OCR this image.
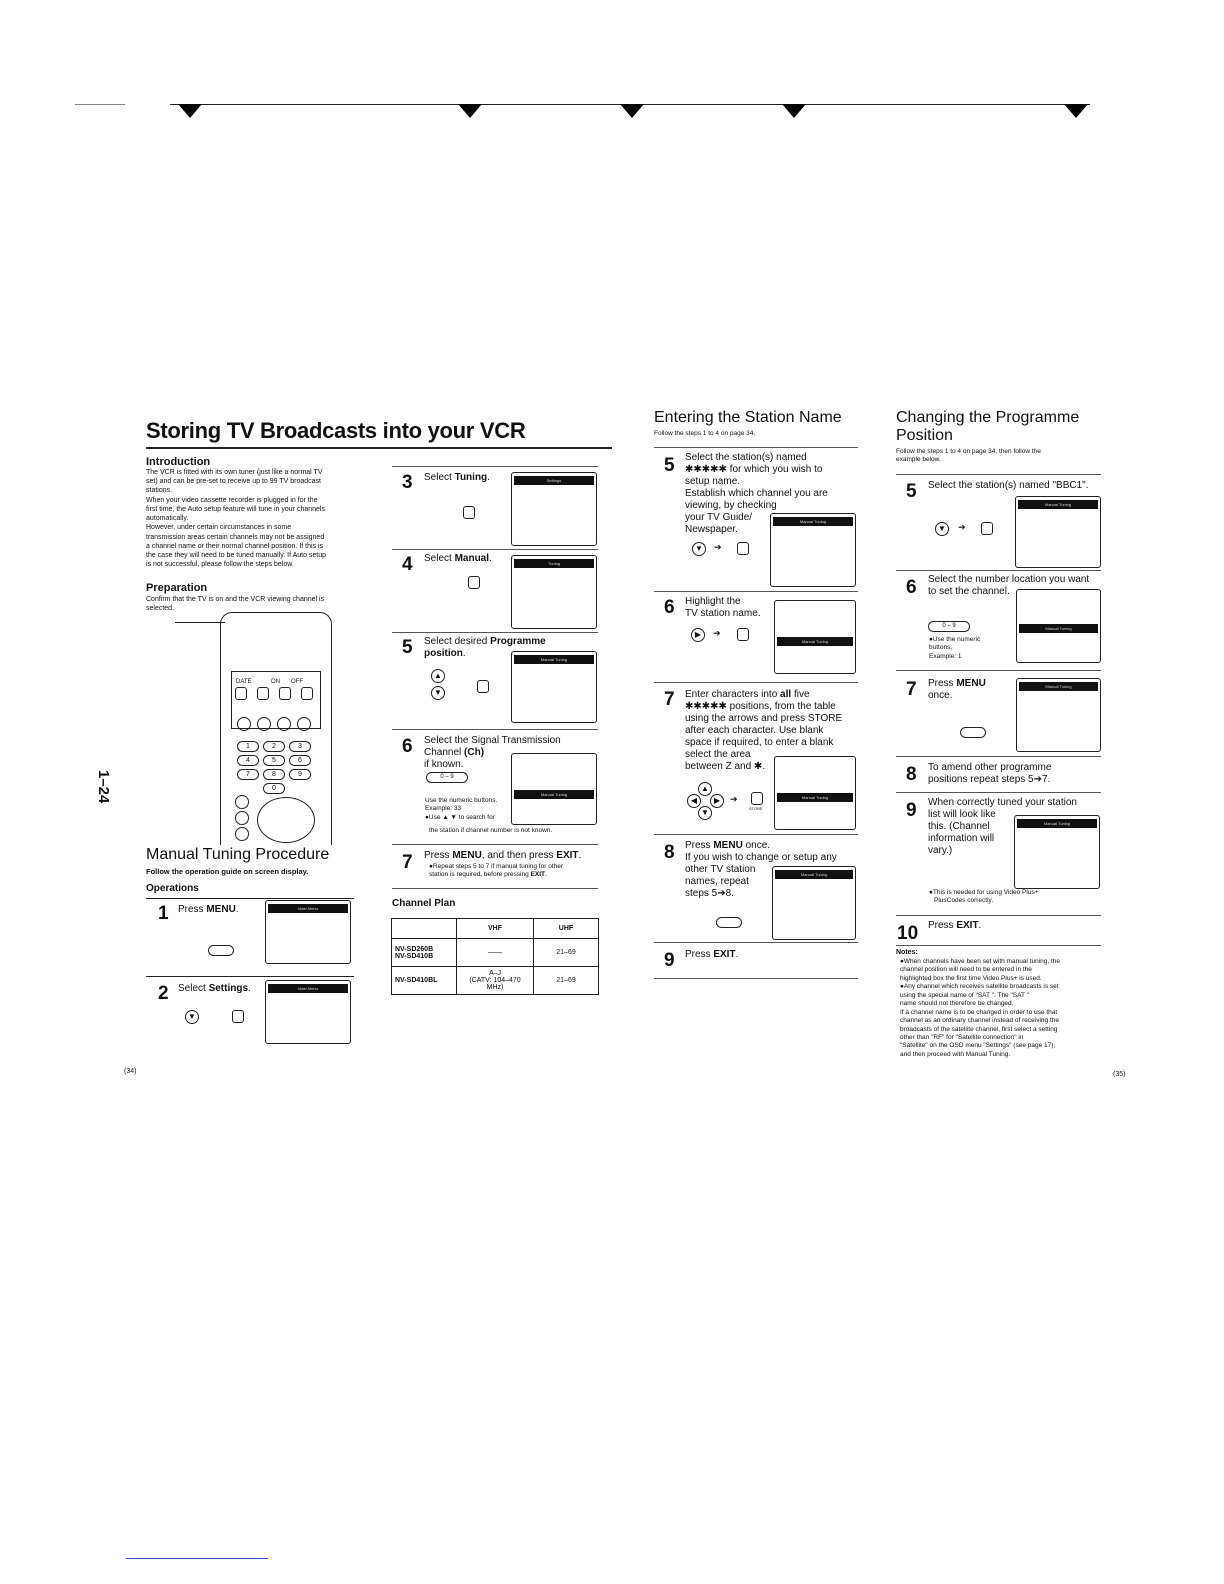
1–24
Storing TV Broadcasts into your VCR
Introduction
The VCR is fitted with its own tuner (just like a normal TV
set) and can be pre-set to receive up to 99 TV broadcast
stations.
When your video cassette recorder is plugged in for the
first time, the Auto setup feature will tune in your channels
automatically.
However, under certain circumstances in some
transmission areas certain channels may not be assigned
a channel name or their normal channel position. If this is
the case they will need to be tuned manually. If Auto setup
is not successful, please follow the steps below.
Preparation
Confirm that the TV is on and the VCR viewing channel is
selected.
DATE	ON OFF
1	2	3
4	5	6
7	8	9
0
Manual Tuning Procedure
Follow the operation guide on screen display.
Operations
1 Press MENU.	Main Menu
2 Select Settings.	Main Menu
▼
(34)
3 Select Tuning.	Settings
4 Select Manual.	Tuning
5 Select desired Programme position.
Manual Tuning
▲
▼
6 Select the Signal Transmission
Channel (Ch)
if known.
Manual Tuning
0 – 9
Use the numeric buttons.
Example: 33
●Use ▲ ▼ to search for
the station if channel number is not known.
7 Press MENU, and then press EXIT.
●Repeat steps 5 to 7 if manual tuning for other
station is required, before pressing EXIT.
Channel Plan
	VHF	UHF
NV-SD260B
NV-SD410B	——	21–69
NV-SD410BL	A–J
(CATV: 104–470 MHz)	21–69
Entering the Station Name
Follow the steps 1 to 4 on page 34.
5 Select the station(s) named
✱✱✱✱✱ for which you wish to
setup name.
Establish which channel you are
viewing, by checking
your TV Guide/
Newspaper.
Manual Tuning
▼	➔
6 Highlight the
TV station name.
Manual Tuning
▶	➔
7 Enter characters into all five
✱✱✱✱✱ positions, from the table
using the arrows and press STORE
after each character. Use blank
space if required, to enter a blank
select the area
between Z and ✱.
Manual Tuning
▲
◀	▶
▼
➔
STORE
8 Press MENU once.
If you wish to change or setup any
other TV station
names, repeat
steps 5➔8.
Manual Tuning
9 Press EXIT.
Changing the Programme
Position
Follow the steps 1 to 4 on page 34, then follow the
example below.
5 Select the station(s) named "BBC1".
Manual Tuning
▼	➔
6 Select the number location you want
to set the channel.
Manual Tuning
0 – 9
●Use the numeric
buttons.
Example: 1
7 Press MENU
once.
Manual Tuning
8 To amend other programme
positions repeat steps 5➔7.
9 When correctly tuned your station
list will look like
this. (Channel
information will
vary.)
Manual Tuning
●This is needed for using Video Plus+
PlusCodes correctly.
10 Press EXIT.
Notes:
●When channels have been set with manual tuning, the
channel position will need to be entered in the
highlighted box the first time Video Plus+ is used.
●Any channel which receives satellite broadcasts is set
using the special name of "SAT ". The "SAT "
name should not therefore be changed.
If a channel name is to be changed in order to use that
channel as an ordinary channel instead of receiving the
broadcasts of the satellite channel, first select a setting
other than "RF" for "Satellite connection" in
"Satellite" on the OSD menu "Settings" (see page 17),
and then proceed with Manual Tuning.
(35)
